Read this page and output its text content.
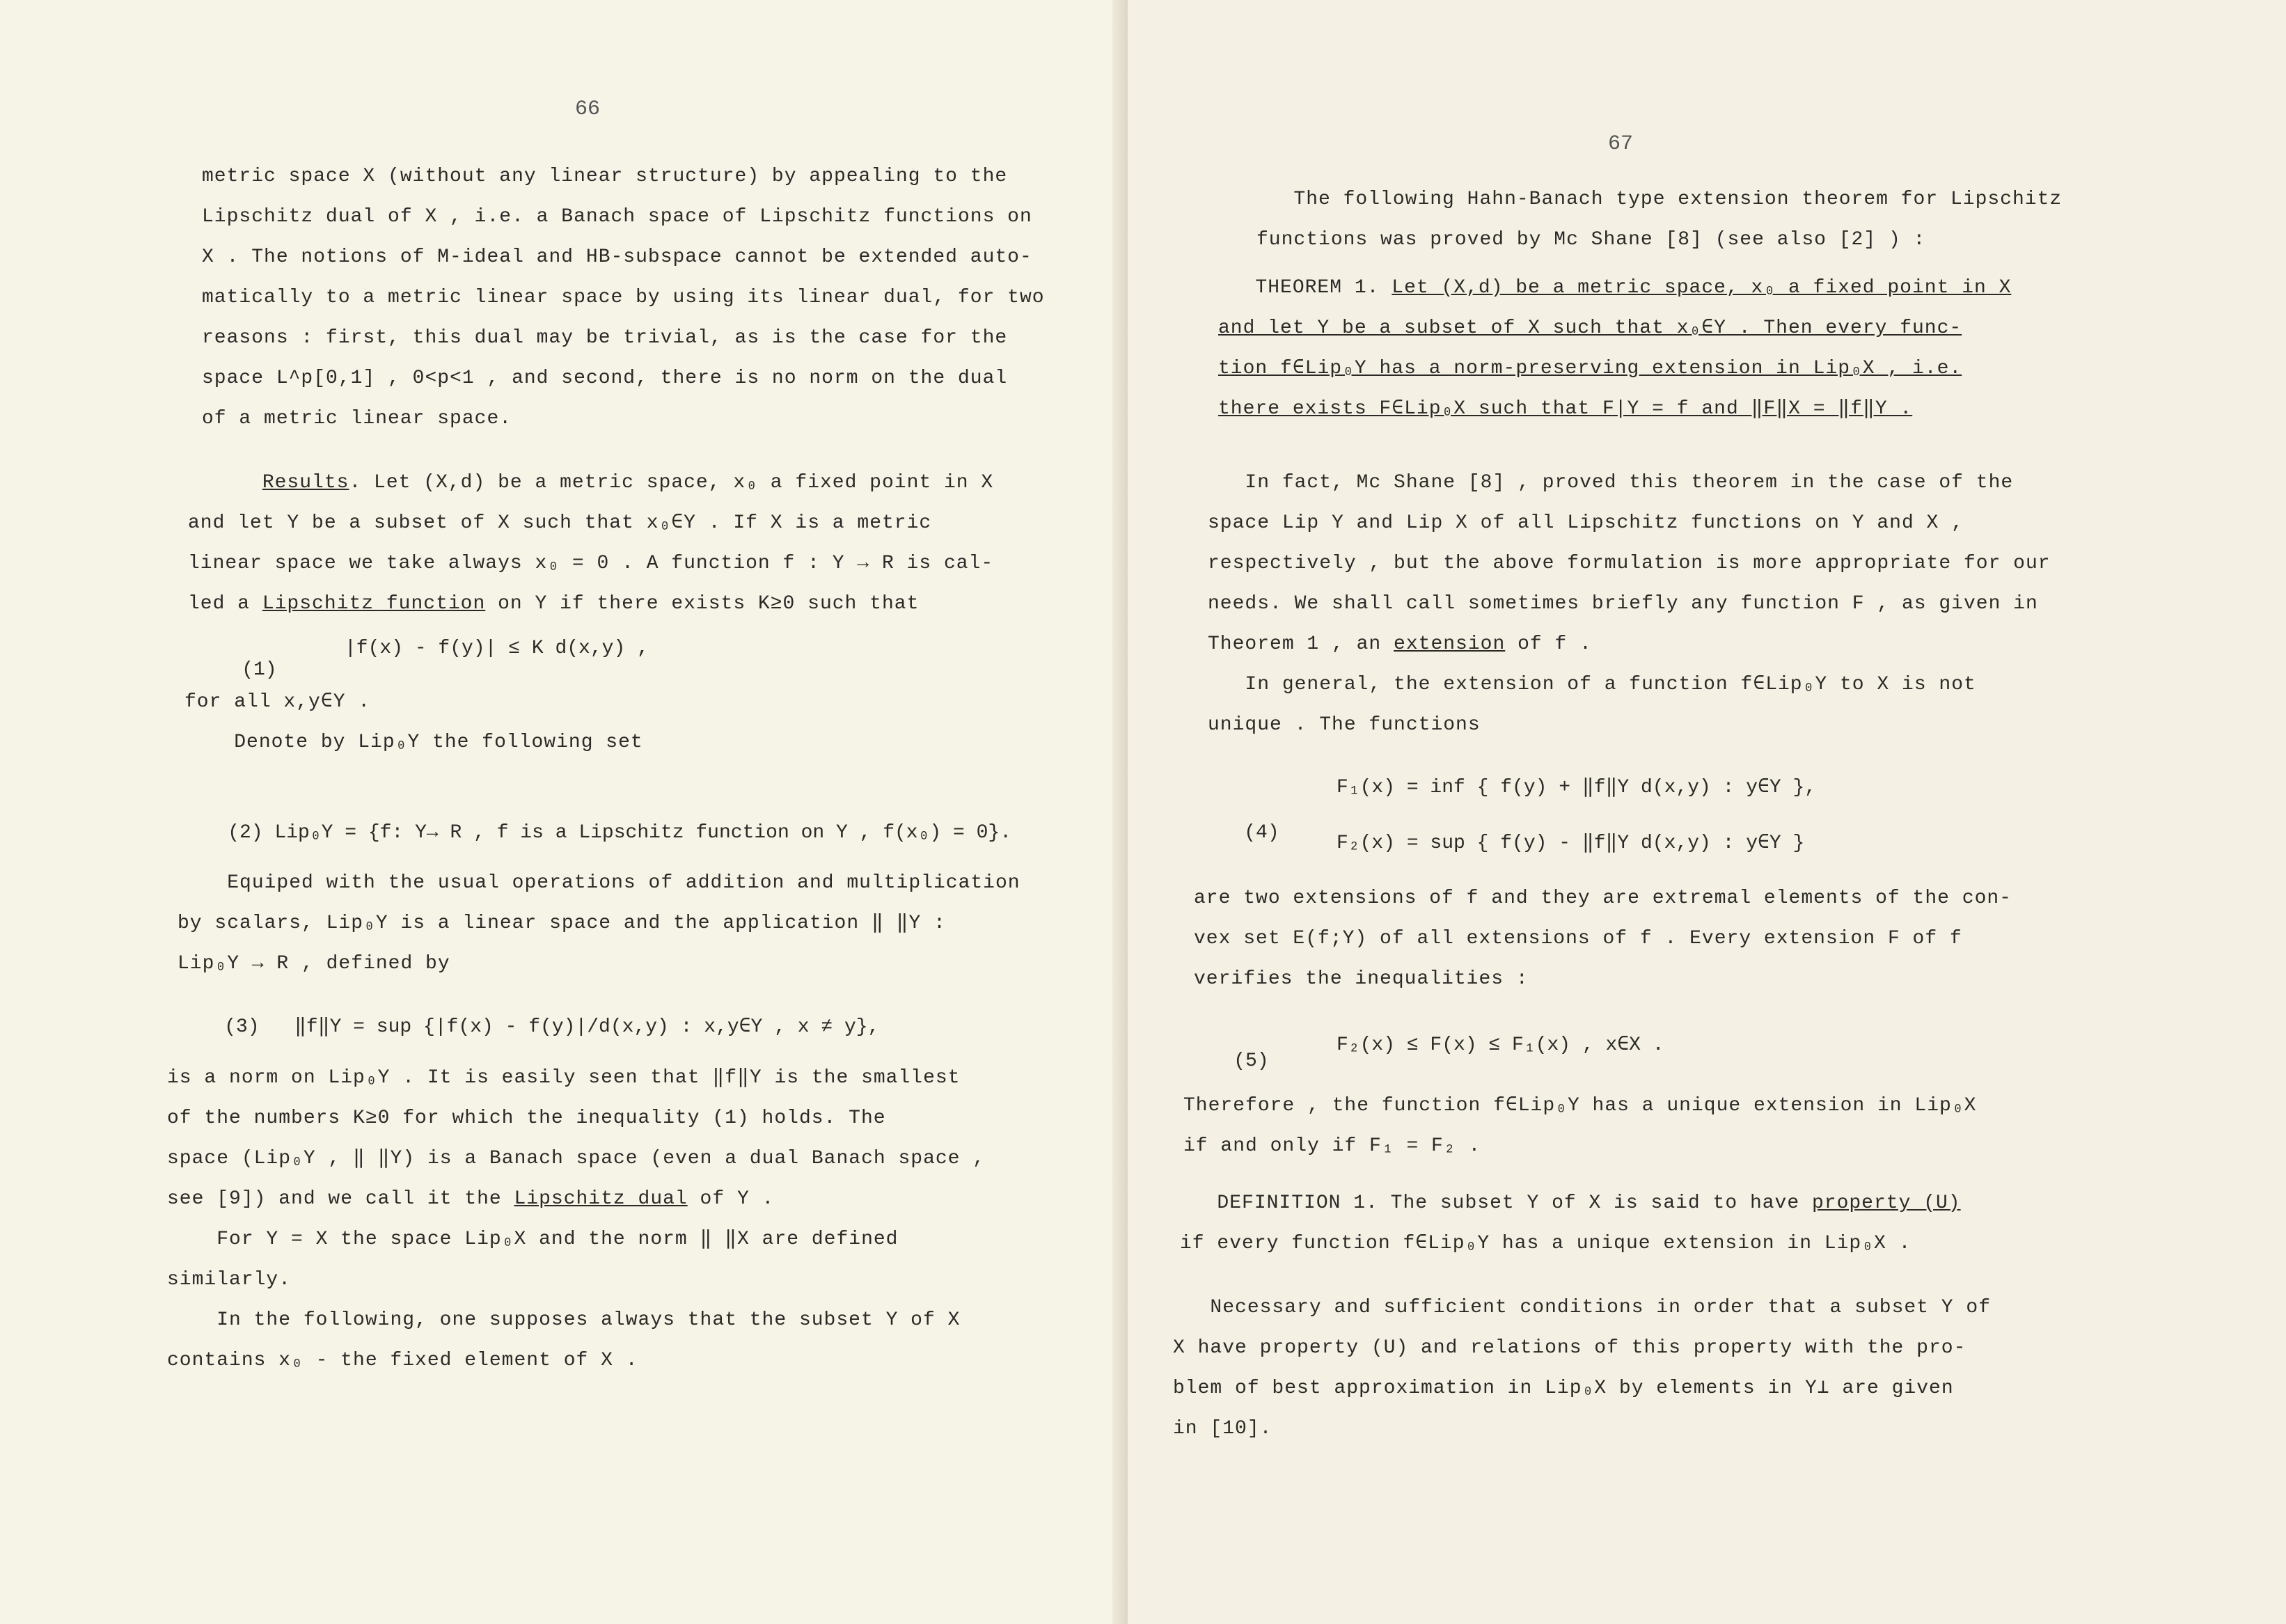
66

metric space X (without any linear structure) by appealing to the

Lipschitz dual of X , i.e. a Banach space of Lipschitz functions on

X . The notions of M-ideal and HB-subspace cannot be extended auto-

matically to a metric linear space by using its linear dual, for two

reasons : first, this dual may be trivial, as is the case for the

space L^p[0,1] , 0<p<1 , and second, there is no norm on the dual

of a metric linear space.

Results. Let (X,d) be a metric space, x₀ a fixed point in X

and let Y be a subset of X such that x₀∈Y . If X is a metric

linear space we take always x₀ = 0 . A function f : Y → R is cal-

led a Lipschitz function on Y if there exists K≥0 such that

(1)

|f(x) - f(y)| ≤ K d(x,y) ,

for all x,y∈Y .

Denote by Lip₀Y the following set

(2) Lip₀Y = {f: Y→ R , f is a Lipschitz function on Y , f(x₀) = 0}.

Equiped with the usual operations of addition and multiplication

by scalars, Lip₀Y is a linear space and the application ‖ ‖Y :

Lip₀Y → R , defined by

(3) ‖f‖Y = sup {|f(x) - f(y)|/d(x,y) : x,y∈Y , x ≠ y},

is a norm on Lip₀Y . It is easily seen that ‖f‖Y is the smallest

of the numbers K≥0 for which the inequality (1) holds. The

space (Lip₀Y , ‖ ‖Y) is a Banach space (even a dual Banach space ,

see [9]) and we call it the Lipschitz dual of Y .

For Y = X the space Lip₀X and the norm ‖ ‖X are defined

similarly.

In the following, one supposes always that the subset Y of X

contains x₀ - the fixed element of X .

67

The following Hahn-Banach type extension theorem for Lipschitz

functions was proved by Mc Shane [8] (see also [2] ) :

THEOREM 1. Let (X,d) be a metric space, x₀ a fixed point in X

and let Y be a subset of X such that x₀∈Y . Then every func-

tion f∈Lip₀Y has a norm-preserving extension in Lip₀X , i.e.

there exists F∈Lip₀X such that F|Y = f and ‖F‖X = ‖f‖Y .

In fact, Mc Shane [8] , proved this theorem in the case of the

space Lip Y and Lip X of all Lipschitz functions on Y and X ,

respectively , but the above formulation is more appropriate for our

needs. We shall call sometimes briefly any function F , as given in

Theorem 1 , an extension of f .

In general, the extension of a function f∈Lip₀Y to X is not

unique . The functions

(4)

F₁(x) = inf { f(y) + ‖f‖Y d(x,y) : y∈Y },
F₂(x) = sup { f(y) - ‖f‖Y d(x,y) : y∈Y }

are two extensions of f and they are extremal elements of the con-

vex set E(f;Y) of all extensions of f . Every extension F of f

verifies the inequalities :

(5)

F₂(x) ≤ F(x) ≤ F₁(x) , x∈X .

Therefore , the function f∈Lip₀Y has a unique extension in Lip₀X

if and only if F₁ = F₂ .

DEFINITION 1. The subset Y of X is said to have property (U)

if every function f∈Lip₀Y has a unique extension in Lip₀X .

Necessary and sufficient conditions in order that a subset Y of

X have property (U) and relations of this property with the pro-

blem of best approximation in Lip₀X by elements in Y⊥ are given

in [10].
